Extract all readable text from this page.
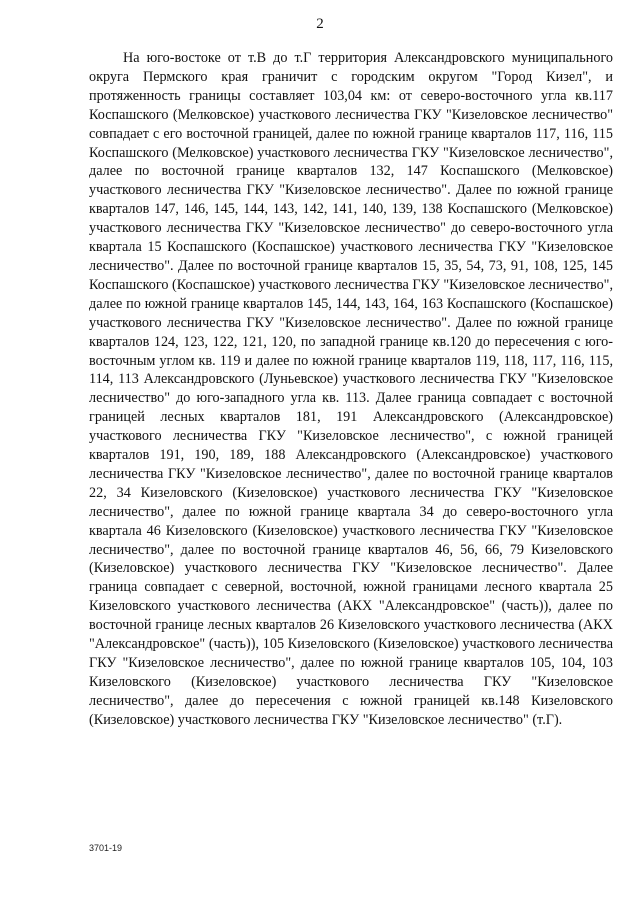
2

На юго-востоке от т.В до т.Г территория Александровского муниципального округа Пермского края граничит с городским округом "Город Кизел", и протяженность границы составляет 103,04 км: от северо-восточного угла кв.117 Коспашского (Мелковское) участкового лесничества ГКУ "Кизеловское лесничество" совпадает с его восточной границей, далее по южной границе кварталов 117, 116, 115 Коспашского (Мелковское) участкового лесничества ГКУ "Кизеловское лесничество", далее по восточной границе кварталов 132, 147 Коспашского (Мелковское) участкового лесничества ГКУ "Кизеловское лесничество". Далее по южной границе кварталов 147, 146, 145, 144, 143, 142, 141, 140, 139, 138 Коспашского (Мелковское) участкового лесничества ГКУ "Кизеловское лесничество" до северо-восточного угла квартала 15 Коспашского (Коспашское) участкового лесничества ГКУ "Кизеловское лесничество". Далее по восточной границе кварталов 15, 35, 54, 73, 91, 108, 125, 145 Коспашского (Коспашское) участкового лесничества ГКУ "Кизеловское лесничество", далее по южной границе кварталов 145, 144, 143, 164, 163 Коспашского (Коспашское) участкового лесничества ГКУ "Кизеловское лесничество". Далее по южной границе кварталов 124, 123, 122, 121, 120, по западной границе кв.120 до пересечения с юго-восточным углом кв. 119 и далее по южной границе кварталов 119, 118, 117, 116, 115, 114, 113 Александровского (Луньевское) участкового лесничества ГКУ "Кизеловское лесничество" до юго-западного угла кв. 113. Далее граница совпадает с восточной границей лесных кварталов 181, 191 Александровского (Александровское) участкового лесничества ГКУ "Кизеловское лесничество", с южной границей кварталов 191, 190, 189, 188 Александровского (Александровское) участкового лесничества ГКУ "Кизеловское лесничество", далее по восточной границе кварталов 22, 34 Кизеловского (Кизеловское) участкового лесничества ГКУ "Кизеловское лесничество", далее по южной границе квартала 34 до северо-восточного угла квартала 46 Кизеловского (Кизеловское) участкового лесничества ГКУ "Кизеловское лесничество", далее по восточной границе кварталов 46, 56, 66, 79 Кизеловского (Кизеловское) участкового лесничества ГКУ "Кизеловское лесничество". Далее граница совпадает с северной, восточной, южной границами лесного квартала 25 Кизеловского участкового лесничества (АКХ "Александровское" (часть)), далее по восточной границе лесных кварталов 26 Кизеловского участкового лесничества (АКХ "Александровское" (часть)), 105 Кизеловского (Кизеловское) участкового лесничества ГКУ "Кизеловское лесничество", далее по южной границе кварталов 105, 104, 103 Кизеловского (Кизеловское) участкового лесничества ГКУ "Кизеловское лесничество", далее до пересечения с южной границей кв.148 Кизеловского (Кизеловское) участкового лесничества ГКУ "Кизеловское лесничество" (т.Г).

3701-19
